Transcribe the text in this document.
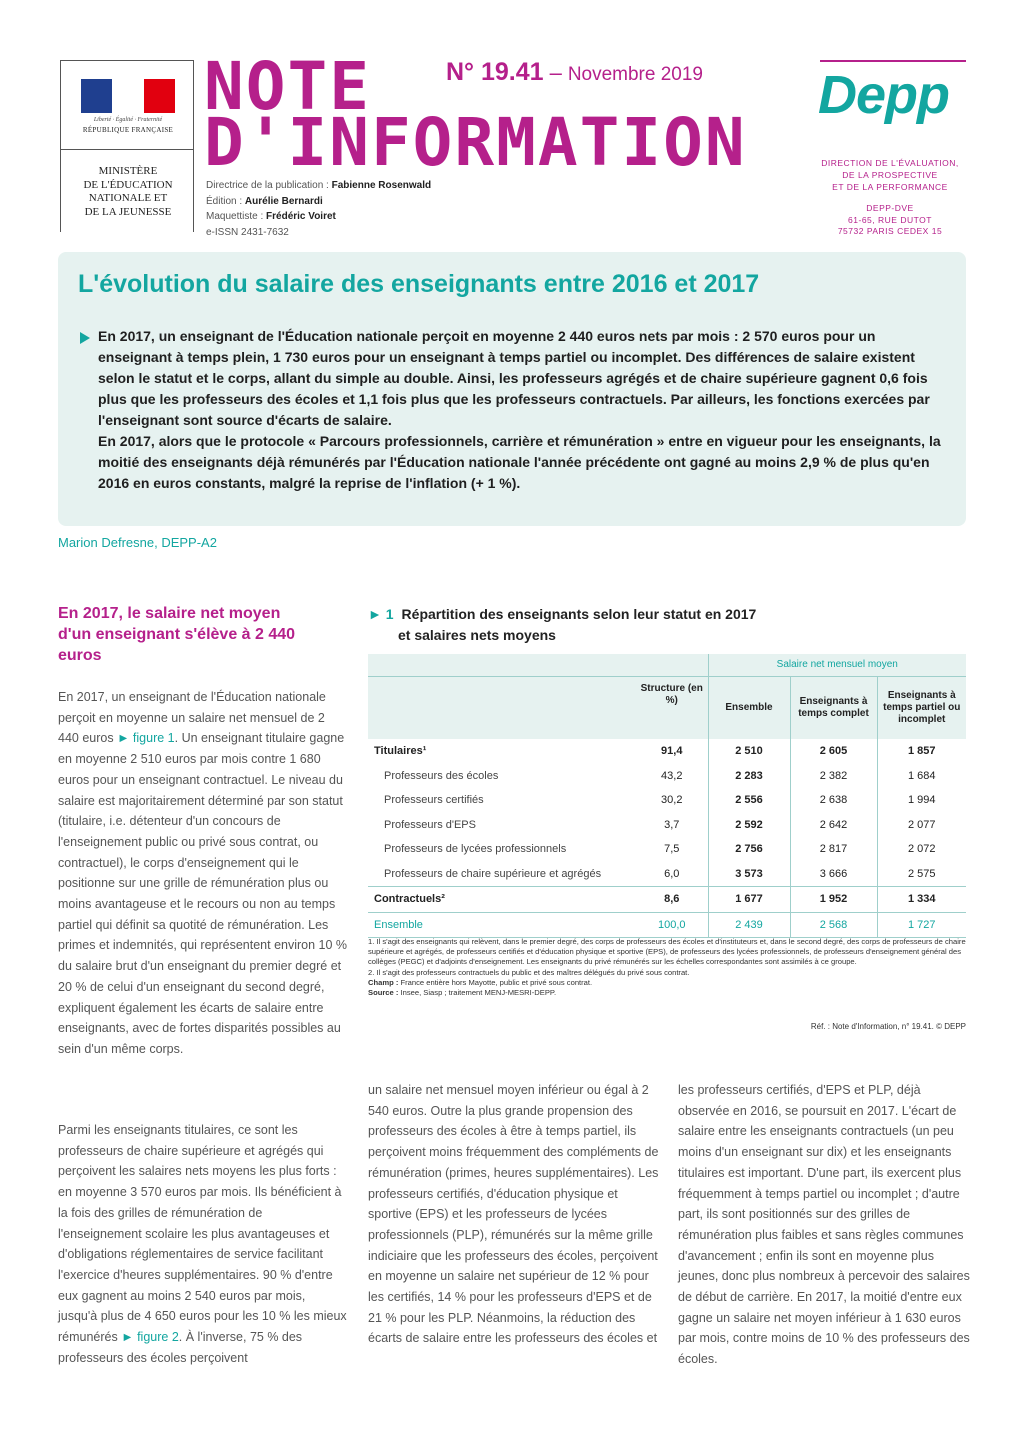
Liberté · Égalité · Fraternité
RÉPUBLIQUE FRANÇAISE
MINISTÈRE
DE L'ÉDUCATION
NATIONALE ET
DE LA JEUNESSE
NOTE
D'INFORMATION
N° 19.41 – Novembre 2019
Directrice de la publication : Fabienne Rosenwald
Édition : Aurélie Bernardi
Maquettiste : Frédéric Voiret
e-ISSN 2431-7632
Depp
DIRECTION DE L'ÉVALUATION,
DE LA PROSPECTIVE
ET DE LA PERFORMANCE
DEPP-DVE
61-65, RUE DUTOT
75732 PARIS CEDEX 15
L'évolution du salaire des enseignants entre 2016 et 2017

En 2017, un enseignant de l'Éducation nationale perçoit en moyenne 2 440 euros nets par mois : 2 570 euros pour un enseignant à temps plein, 1 730 euros pour un enseignant à temps partiel ou incomplet. Des différences de salaire existent selon le statut et le corps, allant du simple au double. Ainsi, les professeurs agrégés et de chaire supérieure gagnent 0,6 fois plus que les professeurs des écoles et 1,1 fois plus que les professeurs contractuels. Par ailleurs, les fonctions exercées par l'enseignant sont source d'écarts de salaire.

En 2017, alors que le protocole « Parcours professionnels, carrière et rémunération » entre en vigueur pour les enseignants, la moitié des enseignants déjà rémunérés par l'Éducation nationale l'année précédente ont gagné au moins 2,9 % de plus qu'en 2016 en euros constants, malgré la reprise de l'inflation (+ 1 %).

Marion Defresne, DEPP-A2
En 2017, le salaire net moyen d'un enseignant s'élève à 2 440 euros

En 2017, un enseignant de l'Éducation nationale perçoit en moyenne un salaire net mensuel de 2 440 euros ► figure 1. Un enseignant titulaire gagne en moyenne 2 510 euros par mois contre 1 680 euros pour un enseignant contractuel. Le niveau du salaire est majoritairement déterminé par son statut (titulaire, i.e. détenteur d'un concours de l'enseignement public ou privé sous contrat, ou contractuel), le corps d'enseignement qui le positionne sur une grille de rémunération plus ou moins avantageuse et le recours ou non au temps partiel qui définit sa quotité de rémunération. Les primes et indemnités, qui représentent environ 10 % du salaire brut d'un enseignant du premier degré et 20 % de celui d'un enseignant du second degré, expliquent également les écarts de salaire entre enseignants, avec de fortes disparités possibles au sein d'un même corps.

Parmi les enseignants titulaires, ce sont les professeurs de chaire supérieure et agrégés qui perçoivent les salaires nets moyens les plus forts : en moyenne 3 570 euros par mois. Ils bénéficient à la fois des grilles de rémunération de l'enseignement scolaire les plus avantageuses et d'obligations réglementaires de service facilitant l'exercice d'heures supplémentaires. 90 % d'entre eux gagnent au moins 2 540 euros par mois, jusqu'à plus de 4 650 euros pour les 10 % les mieux rémunérés ► figure 2. À l'inverse, 75 % des professeurs des écoles perçoivent

► 1 Répartition des enseignants selon leur statut en 2017
et salaires nets moyens
		Salaire net mensuel moyen		
	Structure (en %)	Ensemble	Enseignants à temps complet	Enseignants à temps partiel ou incomplet
Titulaires¹	91,4	2 510	2 605	1 857
Professeurs des écoles	43,2	2 283	2 382	1 684
Professeurs certifiés	30,2	2 556	2 638	1 994
Professeurs d'EPS	3,7	2 592	2 642	2 077
Professeurs de lycées professionnels	7,5	2 756	2 817	2 072
Professeurs de chaire supérieure et agrégés	6,0	3 573	3 666	2 575
Contractuels²	8,6	1 677	1 952	1 334
Ensemble	100,0	2 439	2 568	1 727

1. Il s'agit des enseignants qui relèvent, dans le premier degré, des corps de professeurs des écoles et d'instituteurs et, dans le second degré, des corps de professeurs de chaire supérieure et agrégés, de professeurs certifiés et d'éducation physique et sportive (EPS), de professeurs des lycées professionnels, de professeurs d'enseignement général des collèges (PEGC) et d'adjoints d'enseignement. Les enseignants du privé rémunérés sur les échelles correspondantes sont assimilés à ce groupe.

2. Il s'agit des professeurs contractuels du public et des maîtres délégués du privé sous contrat.

Champ : France entière hors Mayotte, public et privé sous contrat.

Source : Insee, Siasp ; traitement MENJ-MESRI-DEPP.

Réf. : Note d'Information, n° 19.41. © DEPP

un salaire net mensuel moyen inférieur ou égal à 2 540 euros. Outre la plus grande propension des professeurs des écoles à être à temps partiel, ils perçoivent moins fréquemment des compléments de rémunération (primes, heures supplémentaires). Les professeurs certifiés, d'éducation physique et sportive (EPS) et les professeurs de lycées professionnels (PLP), rémunérés sur la même grille indiciaire que les professeurs des écoles, perçoivent en moyenne un salaire net supérieur de 12 % pour les certifiés, 14 % pour les professeurs d'EPS et de 21 % pour les PLP. Néanmoins, la réduction des écarts de salaire entre les professeurs des écoles et

les professeurs certifiés, d'EPS et PLP, déjà observée en 2016, se poursuit en 2017. L'écart de salaire entre les enseignants contractuels (un peu moins d'un enseignant sur dix) et les enseignants titulaires est important. D'une part, ils exercent plus fréquemment à temps partiel ou incomplet ; d'autre part, ils sont positionnés sur des grilles de rémunération plus faibles et sans règles communes d'avancement ; enfin ils sont en moyenne plus jeunes, donc plus nombreux à percevoir des salaires de début de carrière. En 2017, la moitié d'entre eux gagne un salaire net moyen inférieur à 1 630 euros par mois, contre moins de 10 % des professeurs des écoles.
